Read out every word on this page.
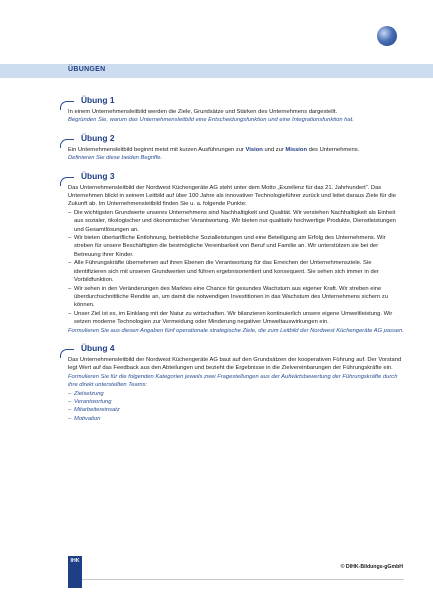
ÜBUNGEN
Übung 1

In einem Unternehmensleitbild werden die Ziele, Grundsätze und Stärken des Unternehmens dargestellt.

Begründen Sie, warum das Unternehmensleitbild eine Entscheidungsfunktion und eine Integrationsfunktion hat.

Übung 2

Ein Unternehmensleitbild beginnt meist mit kurzen Ausführungen zur Vision und zur Mission des Unternehmens.

Definieren Sie diese beiden Begriffe.

Übung 3

Das Unternehmensleitbild der Nordwest Küchengeräte AG steht unter dem Motto „Exzellenz für das 21. Jahrhundert“. Das Unternehmen blickt in seinem Leitbild auf über 100 Jahre als innovativer Technologieführer zurück und leitet daraus Ziele für die Zukunft ab. Im Unternehmensleitbild finden Sie u. a. folgende Punkte:

– Die wichtigsten Grundwerte unseres Unternehmens sind Nachhaltigkeit und Qualität. Wir verstehen Nachhaltigkeit als Einheit aus sozialer, ökologischer und ökonomischer Verantwortung. Wir bieten nur qualitativ hochwertige Produkte, Dienstleistungen und Gesamtlösungen an.
– Wir bieten übertarifliche Entlohnung, betriebliche Sozialleistungen und eine Beteiligung am Erfolg des Unternehmens. Wir streben für unsere Beschäftigten die bestmögliche Vereinbarkeit von Beruf und Familie an. Wir unterstützen sie bei der Betreuung ihrer Kinder.
– Alle Führungskräfte übernehmen auf ihren Ebenen die Verantwortung für das Erreichen der Unternehmensziele. Sie identifizieren sich mit unseren Grundwerten und führen ergebnisorientiert und konsequent. Sie sehen sich immer in der Vorbildfunktion.
– Wir sehen in den Veränderungen des Marktes eine Chance für gesundes Wachstum aus eigener Kraft. Wir streben eine überdurchschnittliche Rendite an, um damit die notwendigen Investitionen in das Wachstum des Unternehmens sichern zu können.
– Unser Ziel ist es, im Einklang mit der Natur zu wirtschaften. Wir bilanzieren kontinuierlich unsere eigene Umweltleistung. Wir setzen moderne Technologien zur Vermeidung oder Minderung negativer Umweltauswirkungen ein.

Formulieren Sie aus diesen Angaben fünf operationale strategische Ziele, die zum Leitbild der Nordwest Küchengeräte AG passen.

Übung 4

Das Unternehmensleitbild der Nordwest Küchengeräte AG baut auf den Grundsätzen der kooperativen Führung auf. Der Vorstand legt Wert auf das Feedback aus den Abteilungen und bezieht die Ergebnisse in die Zielvereinbarungen der Führungskräfte ein.

Formulieren Sie für die folgenden Kategorien jeweils zwei Fragestellungen aus der Aufwärtsbewertung der Führungskräfte durch ihre direkt unterstellten Teams:

– Zielsetzung
– Verantwortung
– Mitarbeitereinsatz
– Motivation
IHK
© DIHK-Bildungs-gGmbH
